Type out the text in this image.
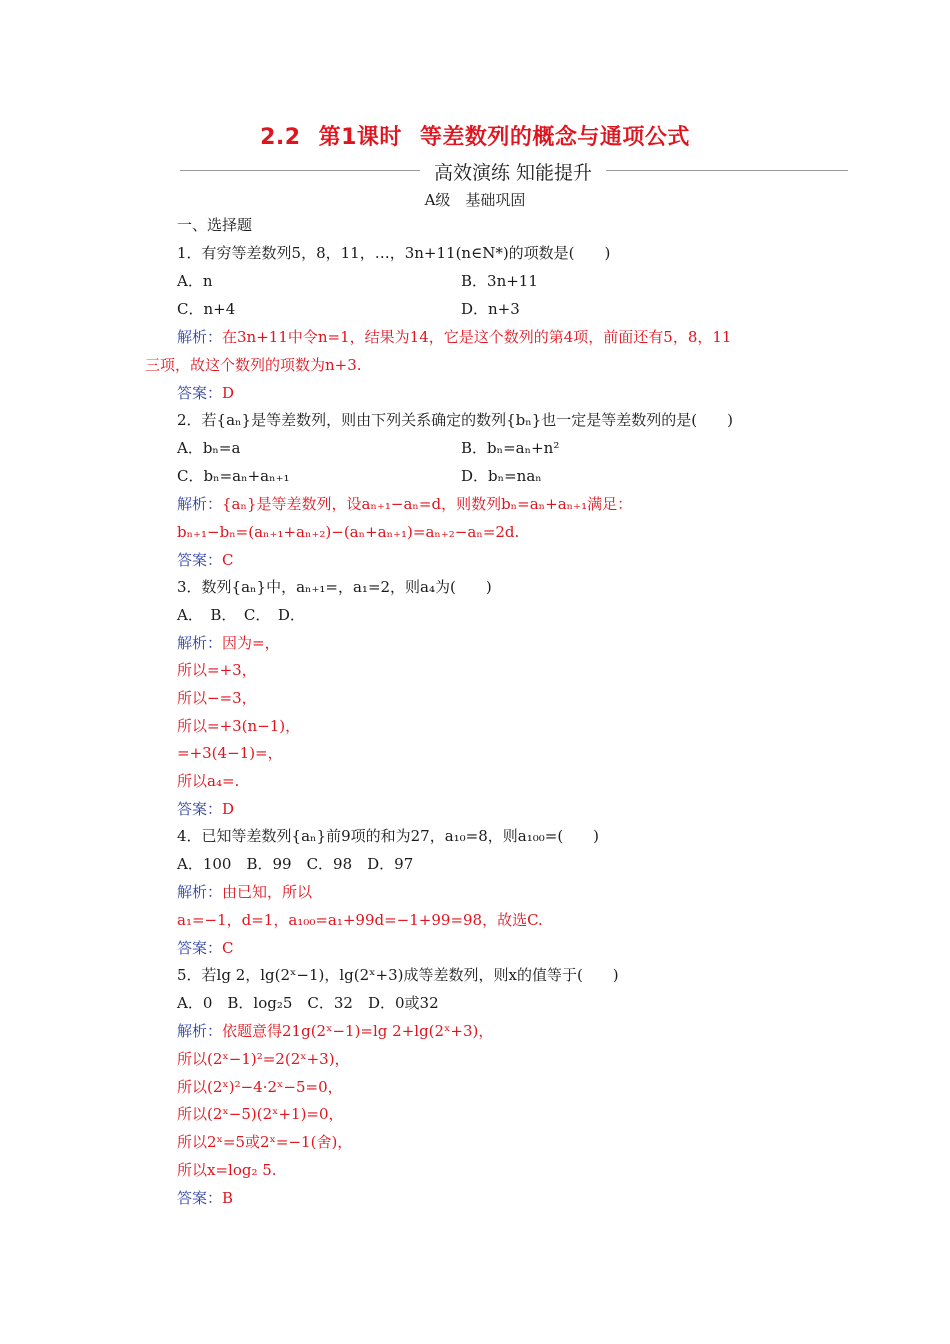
2.2 第1课时 等差数列的概念与通项公式
高效演练 知能提升
A级　基础巩固
一、选择题
1．有穷等差数列5，8，11，…，3n+11(n∈N*)的项数是(　　)
A．n	B．3n+11
C．n+4	D．n+3
解析：在3n+11中令n=1，结果为14，它是这个数列的第4项，前面还有5，8，11
三项，故这个数列的项数为n+3.
答案：D
2．若{aₙ}是等差数列，则由下列关系确定的数列{bₙ}也一定是等差数列的是(　　)
A．bₙ=a	B．bₙ=aₙ+n²
C．bₙ=aₙ+aₙ₊₁	D．bₙ=naₙ
解析：{aₙ}是等差数列，设aₙ₊₁−aₙ=d，则数列bₙ=aₙ+aₙ₊₁满足：
bₙ₊₁−bₙ=(aₙ₊₁+aₙ₊₂)−(aₙ+aₙ₊₁)=aₙ₊₂−aₙ=2d.
答案：C
3．数列{aₙ}中，aₙ₊₁=，a₁=2，则a₄为(　　)
A．　B．　C．　D．
解析：因为=，
所以=+3，
所以−=3，
所以=+3(n−1)，
=+3(4−1)=，
所以a₄=.
答案：D
4．已知等差数列{aₙ}前9项的和为27，a₁₀=8，则a₁₀₀=(　　)
A．100　B．99　C．98　D．97
解析：由已知，所以
a₁=−1，d=1，a₁₀₀=a₁+99d=−1+99=98，故选C.
答案：C
5．若lg 2，lg(2ˣ−1)，lg(2ˣ+3)成等差数列，则x的值等于(　　)
A．0　B．log₂5　C．32　D．0或32
解析：依题意得21g(2ˣ−1)=lg 2+lg(2ˣ+3)，
所以(2ˣ−1)²=2(2ˣ+3)，
所以(2ˣ)²−4·2ˣ−5=0，
所以(2ˣ−5)(2ˣ+1)=0，
所以2ˣ=5或2ˣ=−1(舍)，
所以x=log₂ 5.
答案：B
